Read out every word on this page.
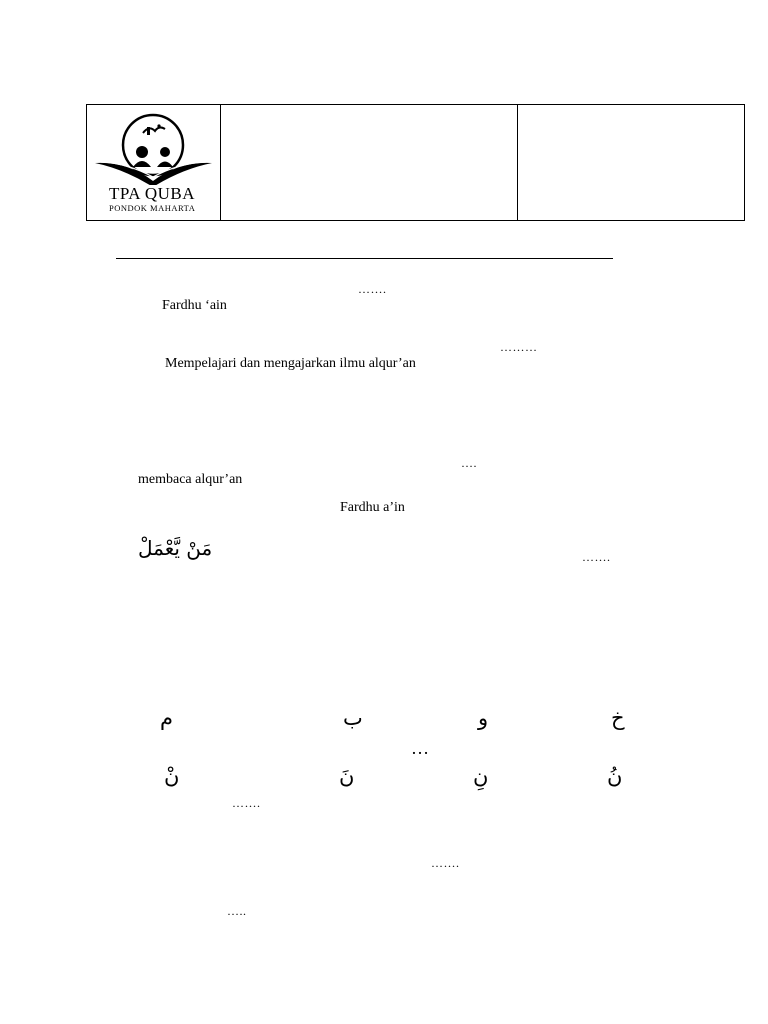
TPA QUBA
PONDOK MAHARTA
…….
Fardhu ‘ain
………
Mempelajari dan mengajarkan ilmu alqur’an
….
membaca alqur’an
Fardhu a’in
مَنْ يَّعْمَلْ	…….
م	ب	و	خ
…
نْ	نَ	نِ	نُ
…….
…….
…..
